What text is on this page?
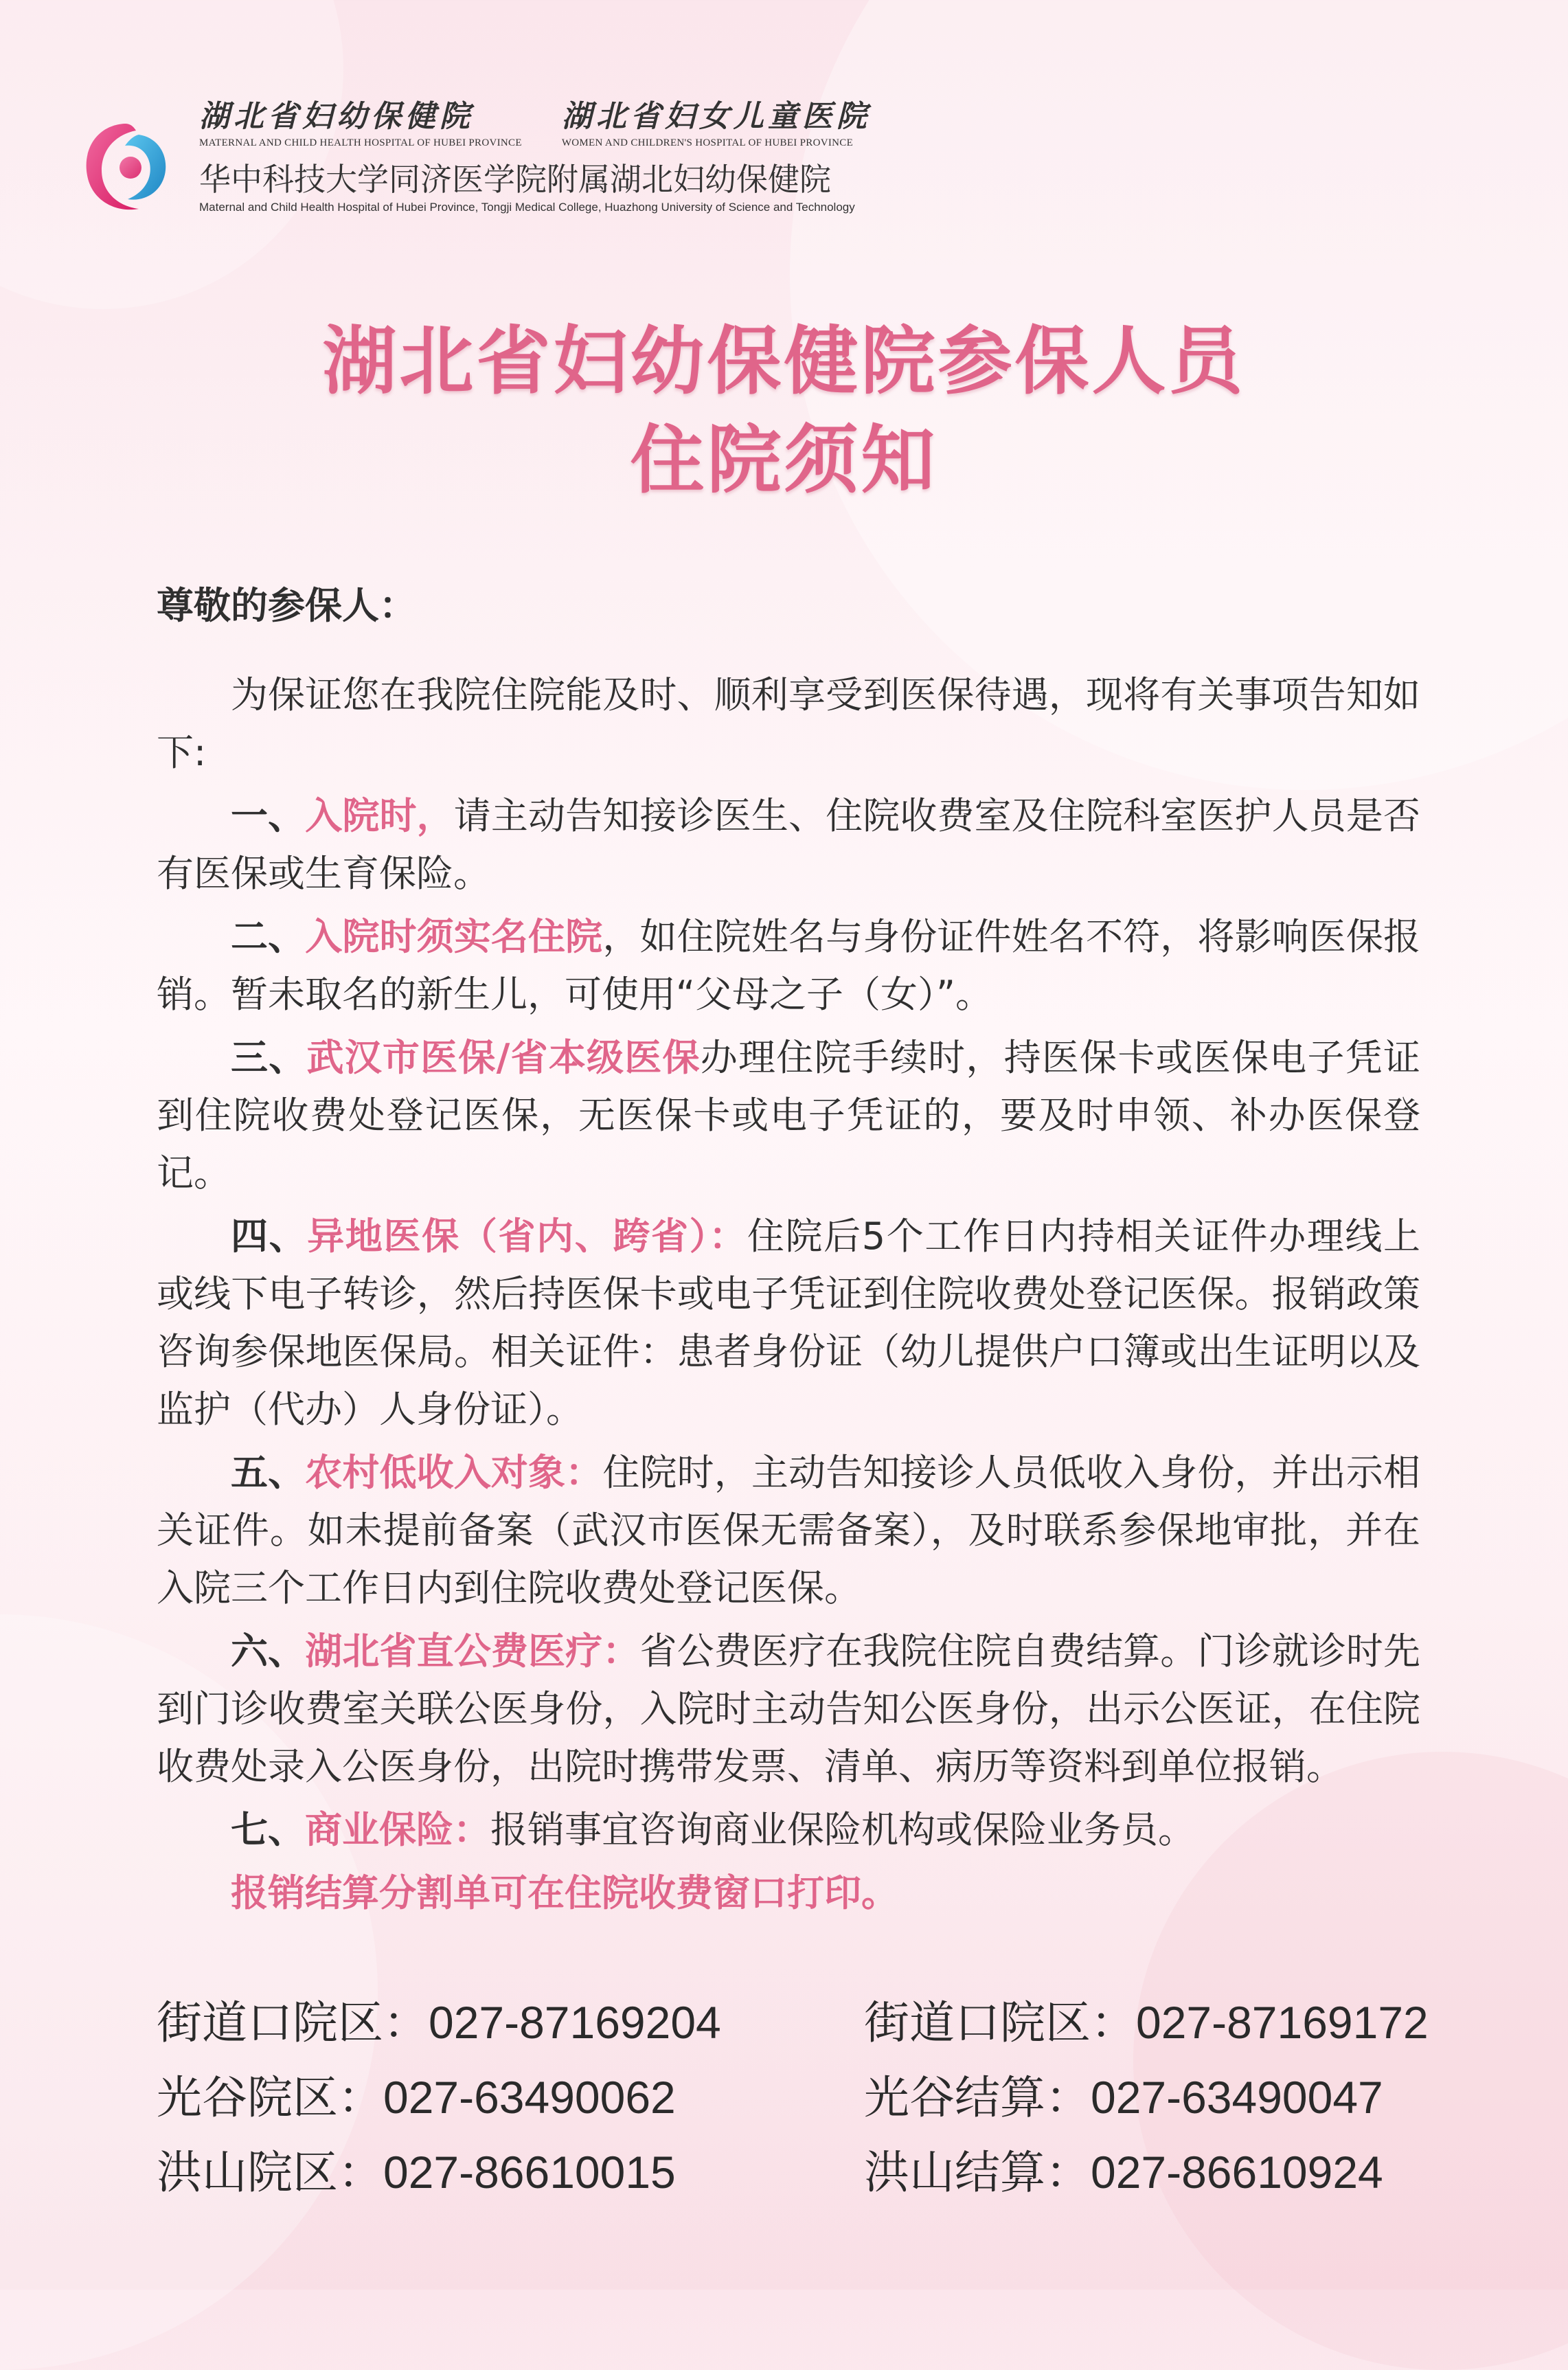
湖北省妇幼保健院
MATERNAL AND CHILD HEALTH HOSPITAL OF HUBEI PROVINCE
湖北省妇女儿童医院
WOMEN AND CHILDREN'S HOSPITAL OF HUBEI PROVINCE
华中科技大学同济医学院附属湖北妇幼保健院
Maternal and Child Health Hospital of Hubei Province, Tongji Medical College, Huazhong University of Science and Technology
湖北省妇幼保健院参保人员
住院须知

尊敬的参保人：

为保证您在我院住院能及时、顺利享受到医保待遇，现将有关事项告知如下:

一、入院时，请主动告知接诊医生、住院收费室及住院科室医护人员是否有医保或生育保险。

二、入院时须实名住院，如住院姓名与身份证件姓名不符，将影响医保报销。暂未取名的新生儿，可使用“父母之子（女）”。

三、武汉市医保/省本级医保办理住院手续时，持医保卡或医保电子凭证到住院收费处登记医保，无医保卡或电子凭证的，要及时申领、补办医保登记。

四、异地医保（省内、跨省）：住院后5个工作日内持相关证件办理线上或线下电子转诊，然后持医保卡或电子凭证到住院收费处登记医保。报销政策咨询参保地医保局。相关证件：患者身份证（幼儿提供户口簿或出生证明以及监护（代办）人身份证）。

五、农村低收入对象：住院时，主动告知接诊人员低收入身份，并出示相关证件。如未提前备案（武汉市医保无需备案），及时联系参保地审批，并在入院三个工作日内到住院收费处登记医保。

六、湖北省直公费医疗：省公费医疗在我院住院自费结算。门诊就诊时先到门诊收费室关联公医身份，入院时主动告知公医身份，出示公医证，在住院收费处录入公医身份，出院时携带发票、清单、病历等资料到单位报销。

七、商业保险：报销事宜咨询商业保险机构或保险业务员。

报销结算分割单可在住院收费窗口打印。

街道口院区：027-87169204	街道口院区：027-87169172
光谷院区：027-63490062	光谷结算：027-63490047
洪山院区：027-86610015	洪山结算：027-86610924
